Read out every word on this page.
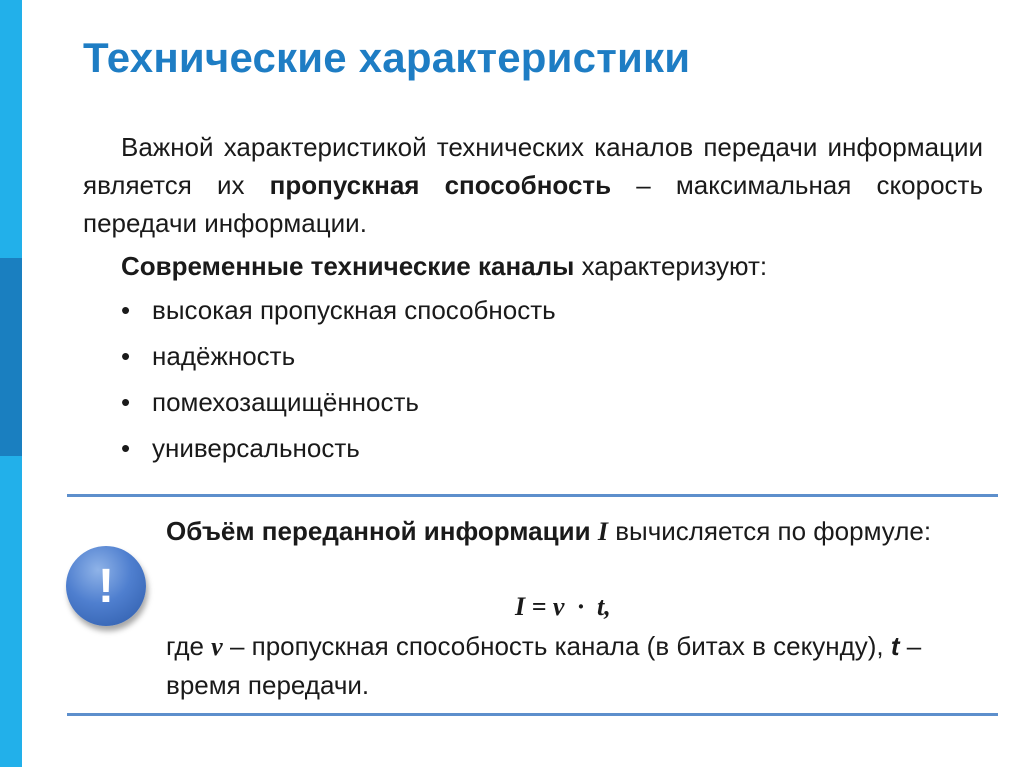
Технические характеристики
Важной характеристикой технических каналов передачи информации является их пропускная способность – максимальная скорость передачи информации.
Современные технические каналы характеризуют:
• высокая пропускная способность
• надёжность
• помехозащищённость
• универсальность
!
Объём переданной информации I вычисляется по формуле:
I = v  ·  t,
где v – пропускная способность канала (в битах в секунду), t – время передачи.
